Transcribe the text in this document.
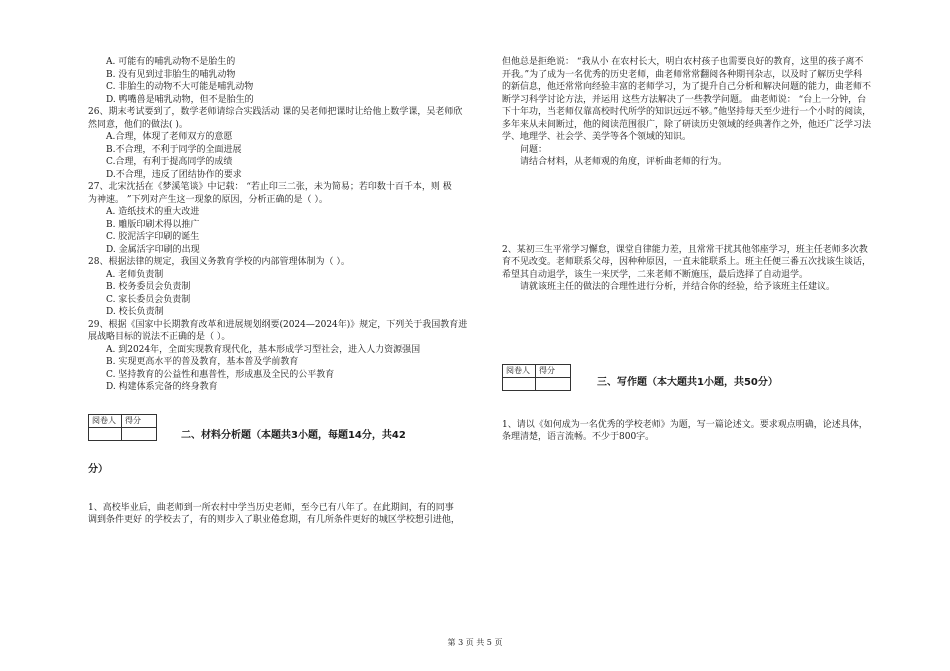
A. 可能有的哺乳动物不是胎生的
B. 没有见到过非胎生的哺乳动物
C. 非胎生的动物不大可能是哺乳动物
D. 鸭嘴兽是哺乳动物，但不是胎生的
26、期末考试要到了，数学老师请综合实践活动 课的吴老师把课时让给他上数学课，吴老师欣
然同意，他们的做法( )。
A.合理，体现了老师双方的意愿
B.不合理，不利于同学的全面进展
C.合理，有利于提高同学的成绩
D.不合理，违反了团结协作的要求
27、北宋沈括在《梦溪笔谈》中记载： “若止印三二张，未为简易；若印数十百千本，则 极
为神速。 ”下列对产生这一现象的原因，分析正确的是（ ）。
A. 造纸技术的重大改进
B. 雕版印刷术得以推广
C. 胶泥活字印刷的诞生
D. 金属活字印刷的出现
28、根据法律的规定，我国义务教育学校的内部管理体制为（ ）。
A. 老师负责制
B. 校务委员会负责制
C. 家长委员会负责制
D. 校长负责制
29、根据《国家中长期教育改革和进展规划纲要(2024—2024年)》规定，下列关于我国教育进
展战略目标的说法不正确的是（ ）。
A. 到2024年，全面实现教育现代化，基本形成学习型社会，进入人力资源强国
B. 实现更高水平的普及教育，基本普及学前教育
C. 坚持教育的公益性和惠普性，形成惠及全民的公平教育
D. 构建体系完备的终身教育
阅卷人	得分

二、材料分析题（本题共3小题，每题14分，共42
分）
1、高校毕业后，曲老师到一所农村中学当历史老师，至今已有八年了。在此期间，有的同事
调到条件更好 的学校去了，有的则步入了职业倦怠期，有几所条件更好的城区学校想引进他，
但他总是拒绝说： “我从小 在农村长大，明白农村孩子也需要良好的教育，这里的孩子离不
开我。”为了成为一名优秀的历史老师，曲老师常常翻阅各种期刊杂志，以及时了解历史学科
的新信息，他还常常向经验丰富的老师学习，为了提升自己分析和解决问题的能力，曲老师不
断学习科学讨论方法，并运用 这些方法解决了一些教学问题。 曲老师说： “台上一分钟，台
下十年功，当老师仅靠高校时代所学的知识远远不够。”他坚持每天至少进行一个小时的阅读，
多年来从未间断过，他的阅读范围很广，除了研读历史领域的经典著作之外，他还广泛学习法
学、地理学、社会学、美学等各个领域的知识。
问题：
请结合材料，从老师观的角度，评析曲老师的行为。
2、某初三生平常学习懈怠，课堂自律能力差，且常常干扰其他邻座学习，班主任老师多次教
育不见改变。老师联系父母，因种种原因，一直未能联系上。班主任便三番五次找该生谈话，
希望其自动退学，该生一来厌学，二来老师不断施压，最后选择了自动退学。
请就该班主任的做法的合理性进行分析，并结合你的经验，给予该班主任建议。
阅卷人	得分

三、写作题（本大题共1小题，共50分）
1、请以《如何成为一名优秀的学校老师》为题，写一篇论述文。要求观点明确，论述具体，
条理清楚，语言流畅。不少于800字。
第 3 页 共 5 页
